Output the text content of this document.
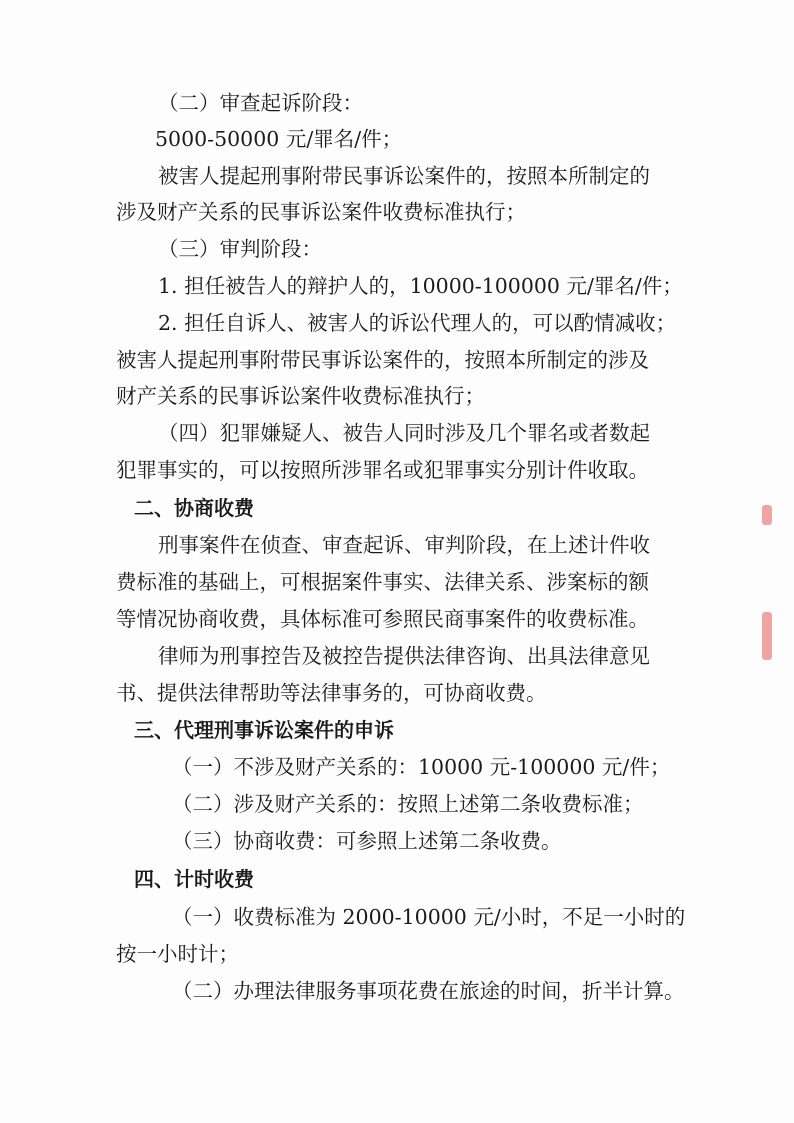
（二）审查起诉阶段：
5000-50000 元/罪名/件；
被害人提起刑事附带民事诉讼案件的，按照本所制定的
涉及财产关系的民事诉讼案件收费标准执行；
（三）审判阶段：
1. 担任被告人的辩护人的，10000-100000 元/罪名/件；
2. 担任自诉人、被害人的诉讼代理人的，可以酌情减收；
被害人提起刑事附带民事诉讼案件的，按照本所制定的涉及
财产关系的民事诉讼案件收费标准执行；
（四）犯罪嫌疑人、被告人同时涉及几个罪名或者数起
犯罪事实的，可以按照所涉罪名或犯罪事实分别计件收取。
二、协商收费
刑事案件在侦查、审查起诉、审判阶段，在上述计件收
费标准的基础上，可根据案件事实、法律关系、涉案标的额
等情况协商收费，具体标准可参照民商事案件的收费标准。
律师为刑事控告及被控告提供法律咨询、出具法律意见
书、提供法律帮助等法律事务的，可协商收费。
三、代理刑事诉讼案件的申诉
（一）不涉及财产关系的：10000 元-100000 元/件；
（二）涉及财产关系的：按照上述第二条收费标准；
（三）协商收费：可参照上述第二条收费。
四、计时收费
（一）收费标准为 2000-10000 元/小时，不足一小时的
按一小时计；
（二）办理法律服务事项花费在旅途的时间，折半计算。
